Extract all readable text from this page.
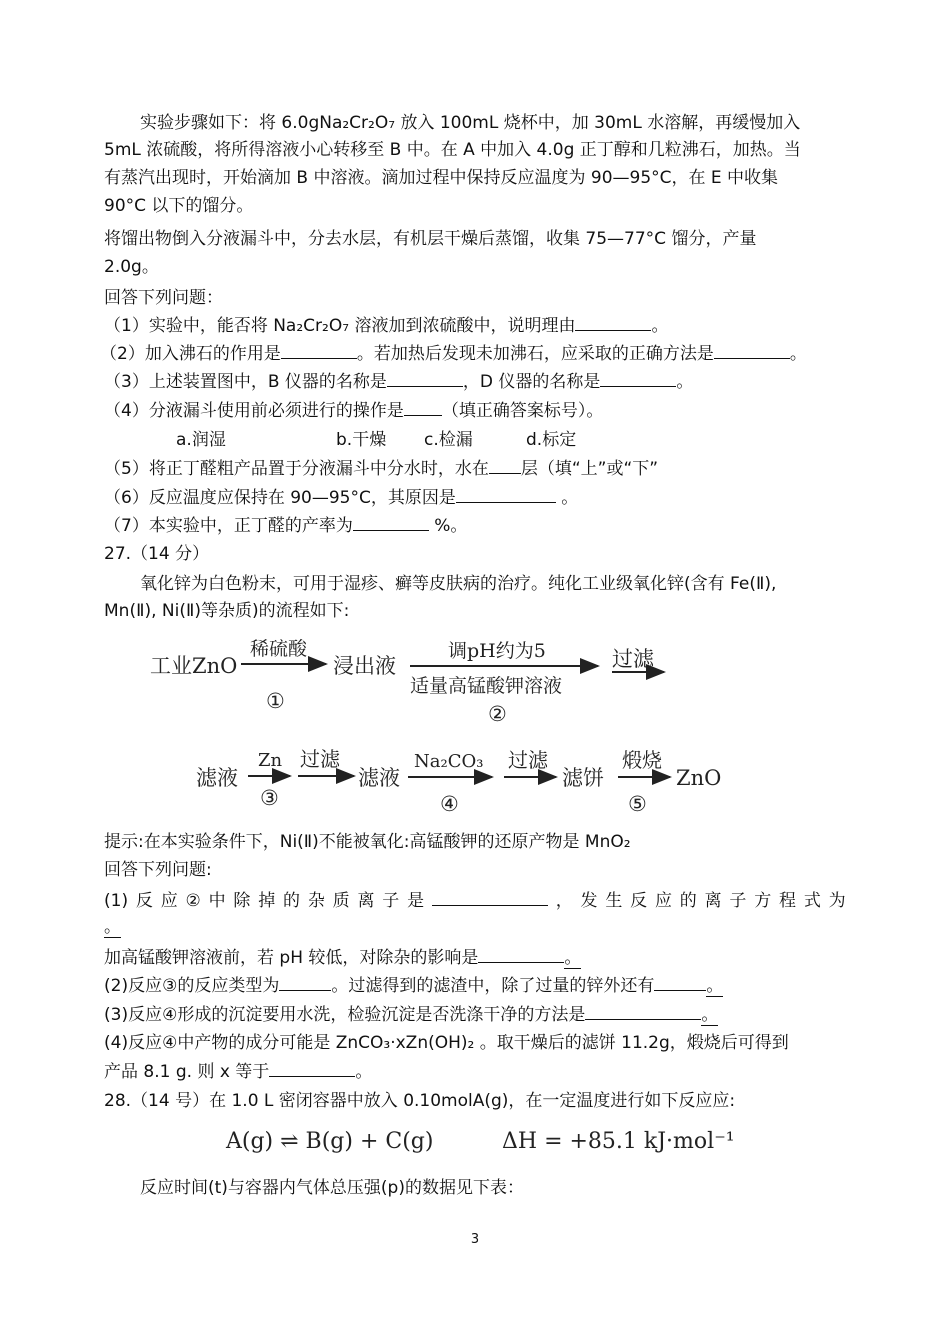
实验步骤如下：将 6.0gNa₂Cr₂O₇ 放入 100mL 烧杯中，加 30mL 水溶解，再缓慢加入
5mL 浓硫酸，将所得溶液小心转移至 B 中。在 A 中加入 4.0g 正丁醇和几粒沸石，加热。当
有蒸汽出现时，开始滴加 B 中溶液。滴加过程中保持反应温度为 90—95°C，在 E 中收集
90°C 以下的馏分。
将馏出物倒入分液漏斗中，分去水层，有机层干燥后蒸馏，收集 75—77°C 馏分，产量
2.0g。
回答下列问题：
（1）实验中，能否将 Na₂Cr₂O₇ 溶液加到浓硫酸中，说明理由	。
（2）加入沸石的作用是	。若加热后发现未加沸石，应采取的正确方法是	。
（3）上述装置图中，B 仪器的名称是	，D 仪器的名称是	。
（4）分液漏斗使用前必须进行的操作是 （填正确答案标号）。
a.润湿	b.干燥 c.检漏	d.标定
（5）将正丁醛粗产品置于分液漏斗中分水时，水在 层（填“上”或“下”
（6）反应温度应保持在 90—95°C，其原因是	。
（7）本实验中，正丁醛的产率为	%。
27.（14 分）
氧化锌为白色粉末，可用于湿疹、癣等皮肤病的治疗。纯化工业级氧化锌(含有 Fe(Ⅱ),
Mn(Ⅱ), Ni(Ⅱ)等杂质)的流程如下:
工业ZnO
稀硫酸
①
浸出液
调pH约为5
适量高锰酸钾溶液
②
过滤
滤液
Zn
③
过滤
滤液
Na₂CO₃
④
过滤
滤饼
煅烧
⑤
ZnO
提示:在本实验条件下，Ni(Ⅱ)不能被氧化:高锰酸钾的还原产物是 MnO₂
回答下列问题:
(1) 反 应 ② 中 除 掉 的 杂 质 离 子 是	， 发 生 反 应 的 离 子 方 程 式 为
。
加高锰酸钾溶液前，若 pH 较低，对除杂的影响是	。
(2)反应③的反应类型为	。过滤得到的滤渣中，除了过量的锌外还有	。
(3)反应④形成的沉淀要用水洗，检验沉淀是否洗涤干净的方法是	。
(4)反应④中产物的成分可能是 ZnCO₃·xZn(OH)₂ 。取干燥后的滤饼 11.2g，煅烧后可得到
产品 8.1 g. 则 x 等于	。
28.（14 号）在 1.0 L 密闭容器中放入 0.10molA(g)，在一定温度进行如下反应应:
A(g) ⇌ B(g) + C(g)	ΔH = +85.1 kJ·mol⁻¹
反应时间(t)与容器内气体总压强(p)的数据见下表：
3
